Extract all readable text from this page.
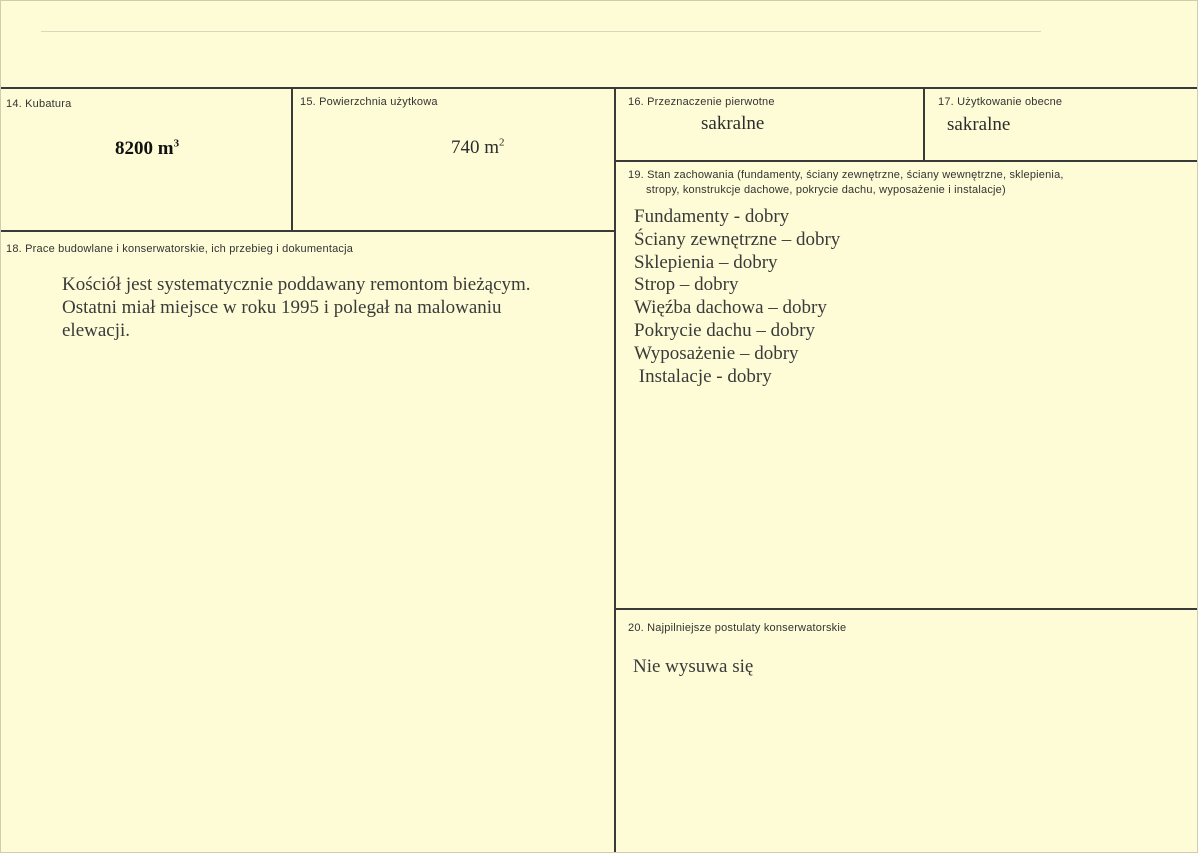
14. Kubatura
8200 $m^3$
15. Powierzchnia użytkowa
740 $m^2$
16. Przeznaczenie pierwotne
sakralne
17. Użytkowanie obecne
sakralne
18. Prace budowlane i konserwatorskie, ich przebieg i dokumentacja
Kościół jest systematycznie poddawany remontom bieżącym.
Ostatni miał miejsce w roku 1995 i polegał na malowaniu
elewacji.
19. Stan zachowania (fundamenty, ściany zewnętrzne, ściany wewnętrzne, sklepienia,
stropy, konstrukcje dachowe, pokrycie dachu, wyposażenie i instalacje)
Fundamenty - dobry
Ściany zewnętrzne – dobry
Sklepienia – dobry
Strop – dobry
Więźba dachowa – dobry
Pokrycie dachu – dobry
Wyposażenie – dobry
Instalacje - dobry
20. Najpilniejsze postulaty konserwatorskie
Nie wysuwa się
